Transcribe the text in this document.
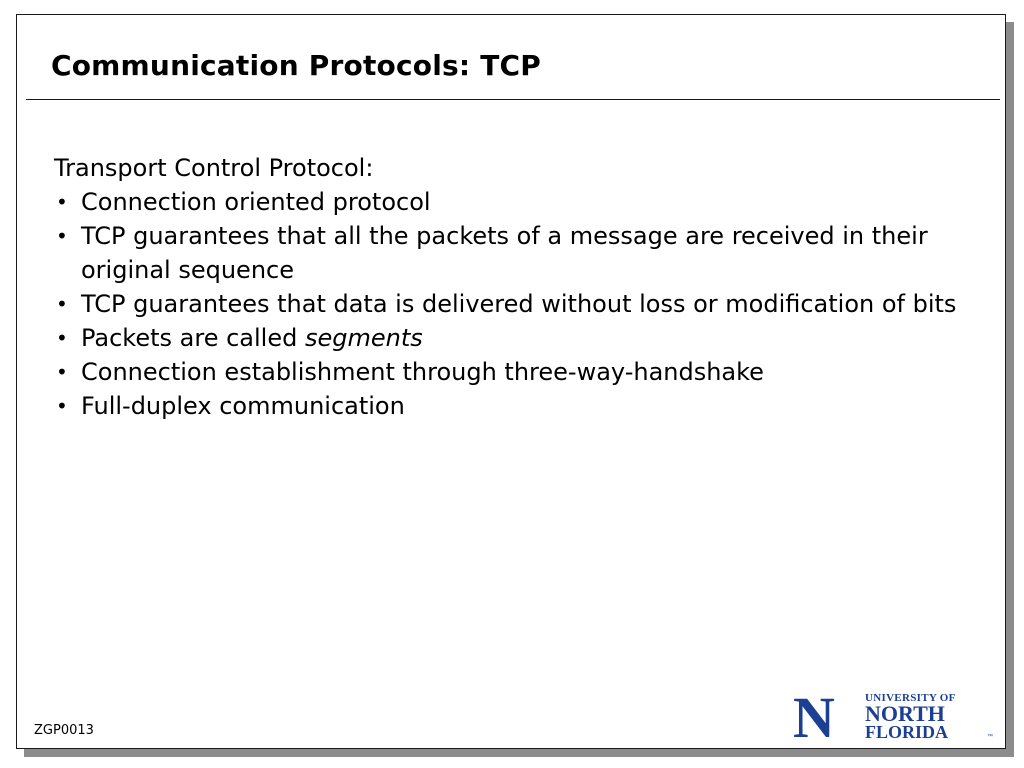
Communication Protocols: TCP
Transport Control Protocol:
• Connection oriented protocol
• TCP guarantees that all the packets of a message are received in their original sequence
• TCP guarantees that data is delivered without loss or modification of bits
• Packets are called segments
• Connection establishment through three-way-handshake
• Full-duplex communication
ZGP0013	N	UNIVERSITY OF
NORTH
FLORIDA	™
